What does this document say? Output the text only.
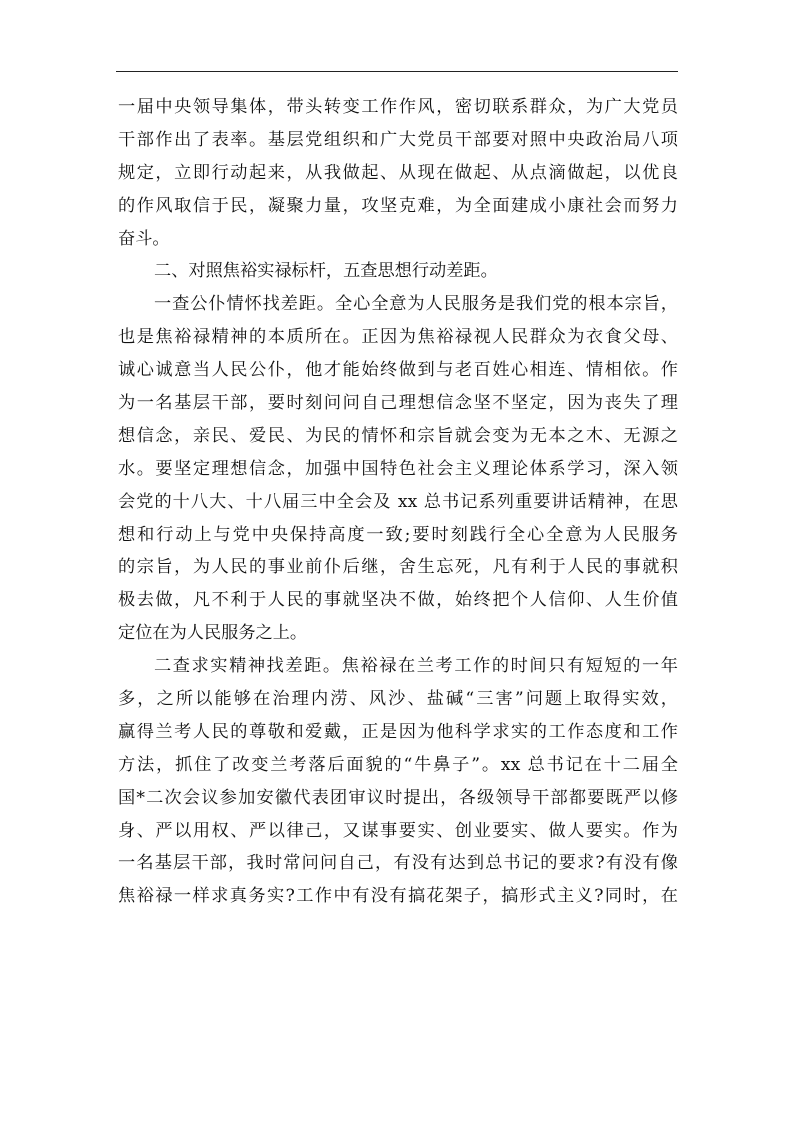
一届中央领导集体，带头转变工作作风，密切联系群众，为广大党员
干部作出了表率。基层党组织和广大党员干部要对照中央政治局八项
规定，立即行动起来，从我做起、从现在做起、从点滴做起，以优良
的作风取信于民，凝聚力量，攻坚克难，为全面建成小康社会而努力
奋斗。
二、对照焦裕实禄标杆，五查思想行动差距。
一查公仆情怀找差距。全心全意为人民服务是我们党的根本宗旨，
也是焦裕禄精神的本质所在。正因为焦裕禄视人民群众为衣食父母、
诚心诚意当人民公仆，他才能始终做到与老百姓心相连、情相依。作
为一名基层干部，要时刻问问自己理想信念坚不坚定，因为丧失了理
想信念，亲民、爱民、为民的情怀和宗旨就会变为无本之木、无源之
水。要坚定理想信念，加强中国特色社会主义理论体系学习，深入领
会党的十八大、十八届三中全会及 xx 总书记系列重要讲话精神，在思
想和行动上与党中央保持高度一致;要时刻践行全心全意为人民服务
的宗旨，为人民的事业前仆后继，舍生忘死，凡有利于人民的事就积
极去做，凡不利于人民的事就坚决不做，始终把个人信仰、人生价值
定位在为人民服务之上。
二查求实精神找差距。焦裕禄在兰考工作的时间只有短短的一年
多，之所以能够在治理内涝、风沙、盐碱“三害”问题上取得实效，
赢得兰考人民的尊敬和爱戴，正是因为他科学求实的工作态度和工作
方法，抓住了改变兰考落后面貌的“牛鼻子”。xx 总书记在十二届全
国*二次会议参加安徽代表团审议时提出，各级领导干部都要既严以修
身、严以用权、严以律己，又谋事要实、创业要实、做人要实。作为
一名基层干部，我时常问问自己，有没有达到总书记的要求?有没有像
焦裕禄一样求真务实?工作中有没有搞花架子，搞形式主义?同时，在
